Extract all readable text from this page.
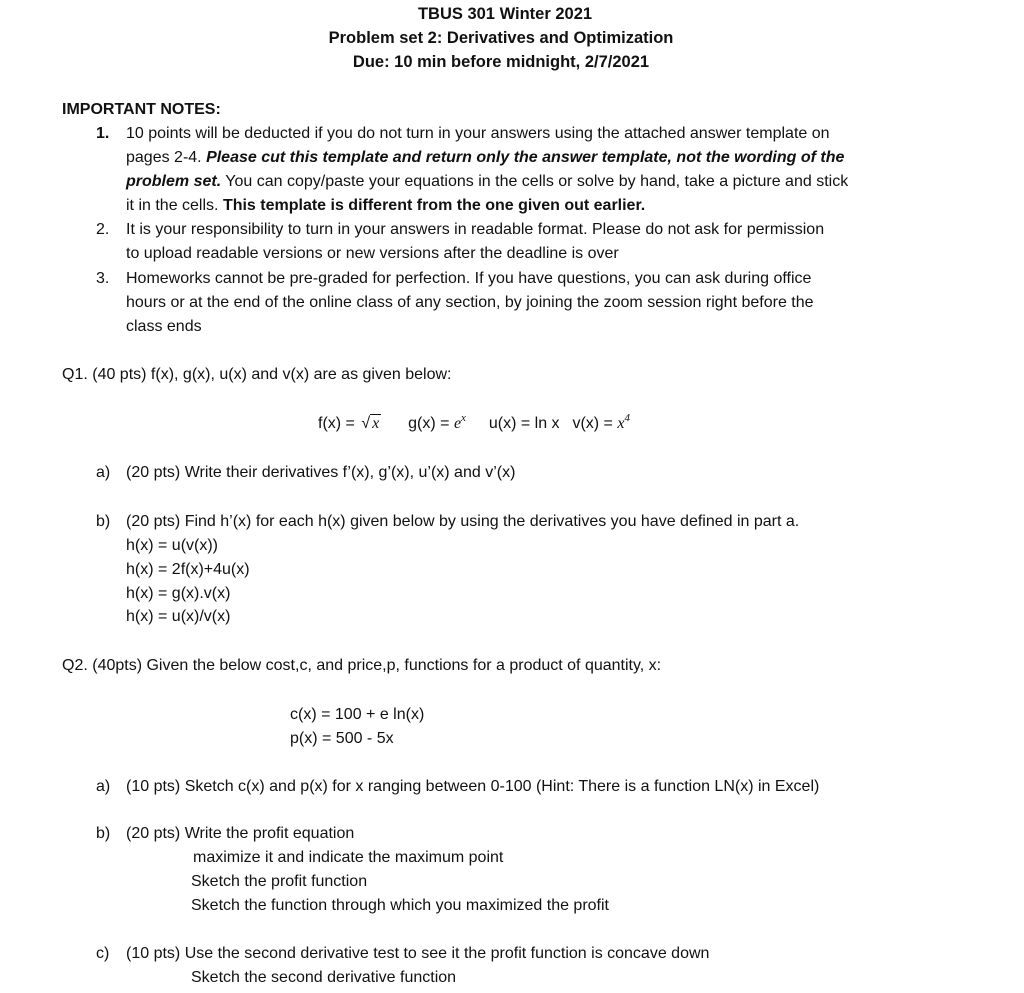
TBUS 301 Winter 2021
Problem set 2: Derivatives and Optimization
Due: 10 min before midnight, 2/7/2021
IMPORTANT NOTES:
1. 10 points will be deducted if you do not turn in your answers using the attached answer template on
pages 2-4. Please cut this template and return only the answer template, not the wording of the
problem set. You can copy/paste your equations in the cells or solve by hand, take a picture and stick
it in the cells. This template is different from the one given out earlier.
2. It is your responsibility to turn in your answers in readable format. Please do not ask for permission
to upload readable versions or new versions after the deadline is over
3. Homeworks cannot be pre-graded for perfection. If you have questions, you can ask during office
hours or at the end of the online class of any section, by joining the zoom session right before the
class ends
Q1. (40 pts) f(x), g(x), u(x) and v(x) are as given below:
f(x) = √ x $g(x) = e^x$ u(x) = ln x $v(x) = x^4$
a) (20 pts) Write their derivatives f’(x), g’(x), u’(x) and v’(x)
b) (20 pts) Find h’(x) for each h(x) given below by using the derivatives you have defined in part a.
h(x) = u(v(x))
h(x) = 2f(x)+4u(x)
h(x) = g(x).v(x)
h(x) = u(x)/v(x)
Q2. (40pts) Given the below cost,c, and price,p, functions for a product of quantity, x:
c(x) = 100 + e ln(x)
p(x) = 500 - 5x
a) (10 pts) Sketch c(x) and p(x) for x ranging between 0-100 (Hint: There is a function LN(x) in Excel)
b) (20 pts) Write the profit equation
maximize it and indicate the maximum point
Sketch the profit function
Sketch the function through which you maximized the profit
c) (10 pts) Use the second derivative test to see it the profit function is concave down
Sketch the second derivative function
